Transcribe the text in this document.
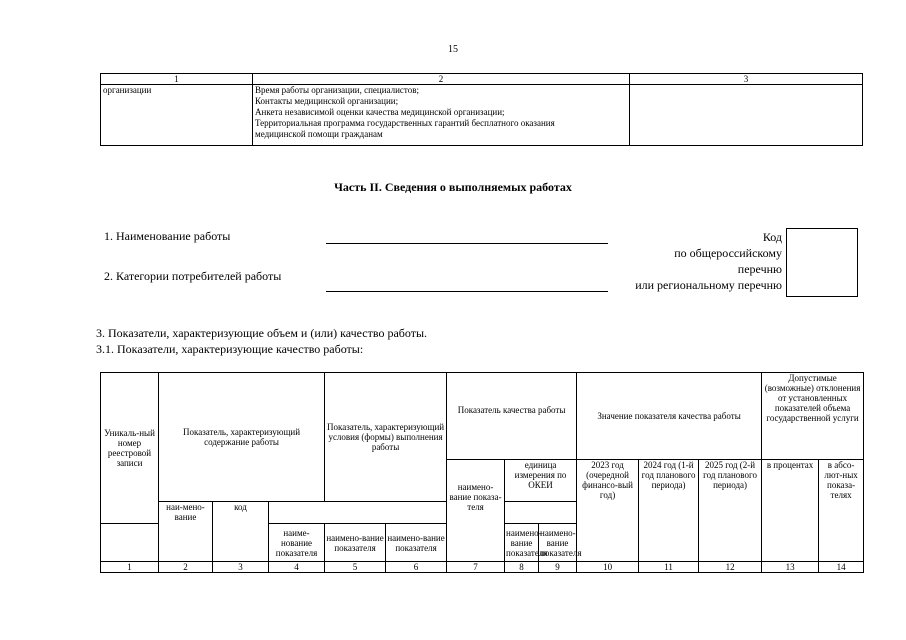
15
1	2	3
организации	Время работы организации, специалистов;
Контакты медицинской организации;
Анкета независимой оценки качества медицинской организации;
Территориальная программа государственных гарантий бесплатного оказания
медицинской помощи гражданам	

Часть II. Сведения о выполняемых работах
1. Наименование работы
2. Категории потребителей работы
Код
по общероссийскому
перечню
или региональному перечню
3. Показатели, характеризующие объем и (или) качество работы.
3.1. Показатели, характеризующие качество работы:
Уникаль-ный номер реестровой записи	Показатель, характеризующий содержание работы			Показатель, характеризующий условия (формы) выполнения работы		Показатель качества работы			Значение показателя качества работы			Допустимые (возможные) отклонения от установленных показателей объема государственной услуги	
						наимено-вание показа-теля	единица измерения по ОКЕИ		2023 год (очередной финансо-вый год)	2024 год (1-й год планового периода)	2025 год (2-й год планового периода)	в процентах	в абсо-лют-ных показа-телях
	наи-мено-вание	код											
			наиме-нование показателя	наимено-вание показателя	наимено-вание показателя		наимено-вание показателя	наимено-вание показателя					
1	2	3	4	5	6	7	8	9	10	11	12	13	14
